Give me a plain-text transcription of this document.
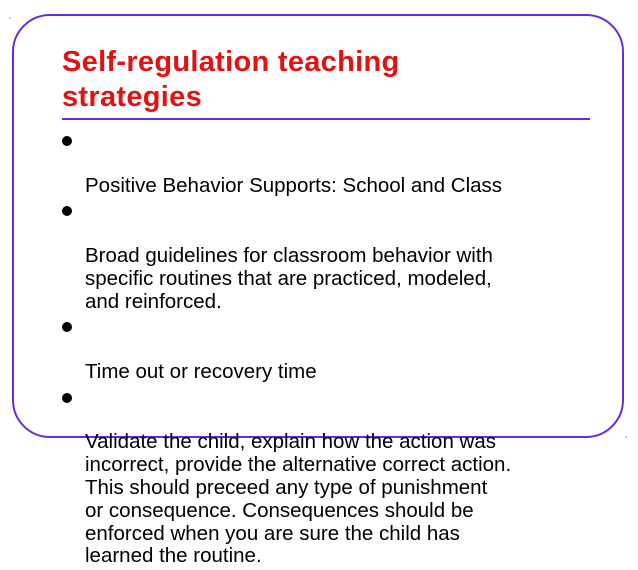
Self-regulation teaching strategies

Positive Behavior Supports: School and Class

Broad guidelines for classroom behavior with
specific routines that are practiced, modeled,
and reinforced.

Time out or recovery time

Validate the child, explain how the action was
incorrect, provide the alternative correct action.
This should preceed any type of punishment
or consequence. Consequences should be
enforced when you are sure the child has
learned the routine.
